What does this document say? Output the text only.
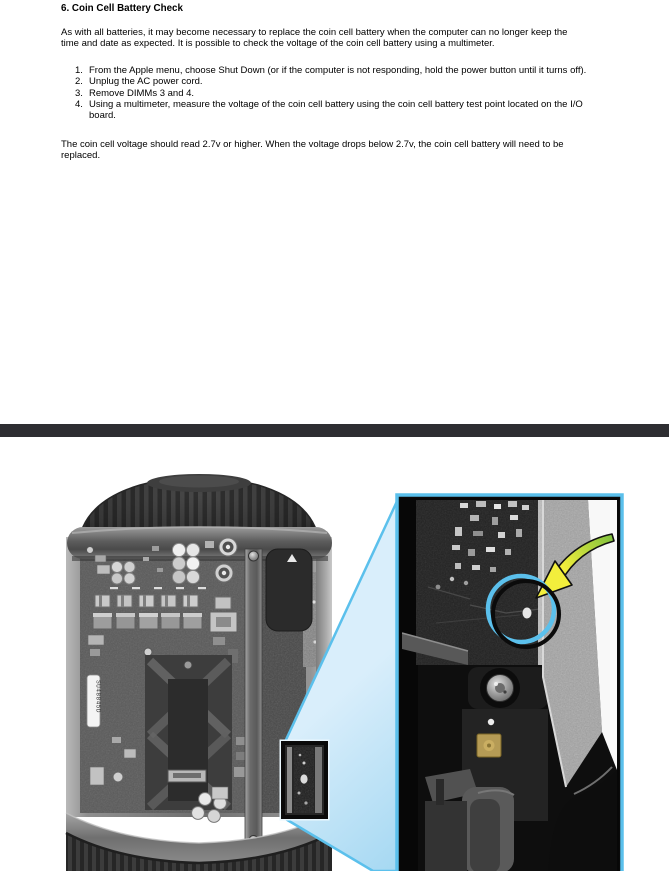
6. Coin Cell Battery Check
As with all batteries, it may become necessary to replace the coin cell battery when the computer can no longer keep the
time and date as expected. It is possible to check the voltage of the coin cell battery using a multimeter.
1. From the Apple menu, choose Shut Down (or if the computer is not responding, hold the power button until it turns off).
2. Unplug the AC power cord.
3. Remove DIMMs 3 and 4.
4. Using a multimeter, measure the voltage of the coin cell battery using the coin cell battery test point located on the I/O
board.
The coin cell voltage should read 2.7v or higher. When the voltage drops below 2.7v, the coin cell battery will need to be
replaced.
SU48845D
